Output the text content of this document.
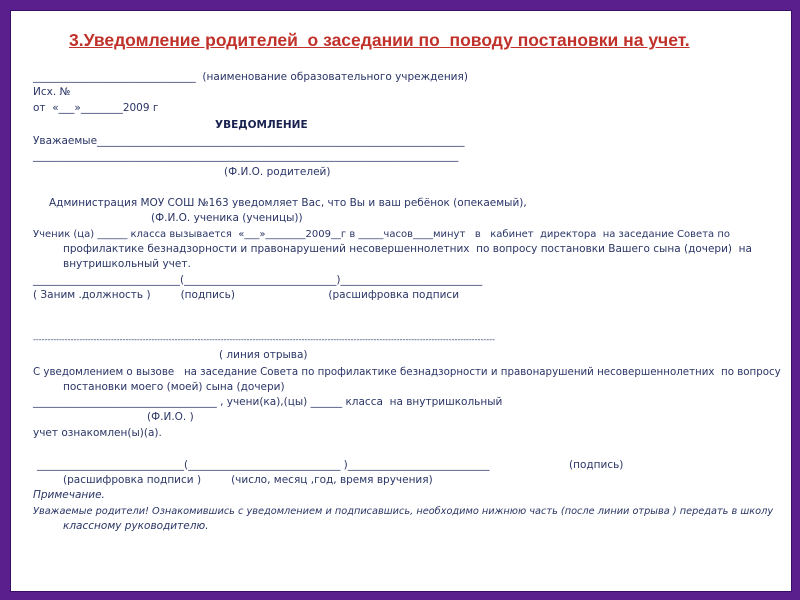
3.Уведомление родителей  о заседании по  поводу постановки на учет.
_______________________________  (наименование образовательного учреждения)
Исх. №
от  «___»________2009 г
УВЕДОМЛЕНИЕ
Уважаемые______________________________________________________________________
_________________________________________________________________________________
(Ф.И.О. родителей)
Администрация МОУ СОШ №163 уведомляет Вас, что Вы и ваш ребёнок (опекаемый),
(Ф.И.О. ученика (ученицы))
Ученик (ца) ______ класса вызывается  «___»________2009__г в _____часов____минут   в   кабинет  директора  на заседание Совета по
профилактике безнадзорности и правонарушений несовершеннолетних  по вопросу постановки Вашего сына (дочери)  на
внутришкольный учет.
____________________________(_____________________________)___________________________
( Заним .должность )         (подпись)                            (расшифровка подписи
----------------------------------------------------------------------------------------------------------------------------------------------------------------
( линия отрыва)
С уведомлением о вызове   на заседание Совета по профилактике безнадзорности и правонарушений несовершеннолетних  по вопросу
постановки моего (моей) сына (дочери)
___________________________________ , учени(ка),(цы) ______ класса  на внутришкольный
(Ф.И.О. )
учет ознакомлен(ы)(а).
____________________________(_____________________________ )___________________________	(подпись)
(расшифровка подписи )         (число, месяц ,год, время вручения)
Примечание.
Уважаемые родители! Ознакомившись с уведомлением и подписавшись, необходимо нижнюю часть (после линии отрыва ) передать в школу
классному руководителю.
